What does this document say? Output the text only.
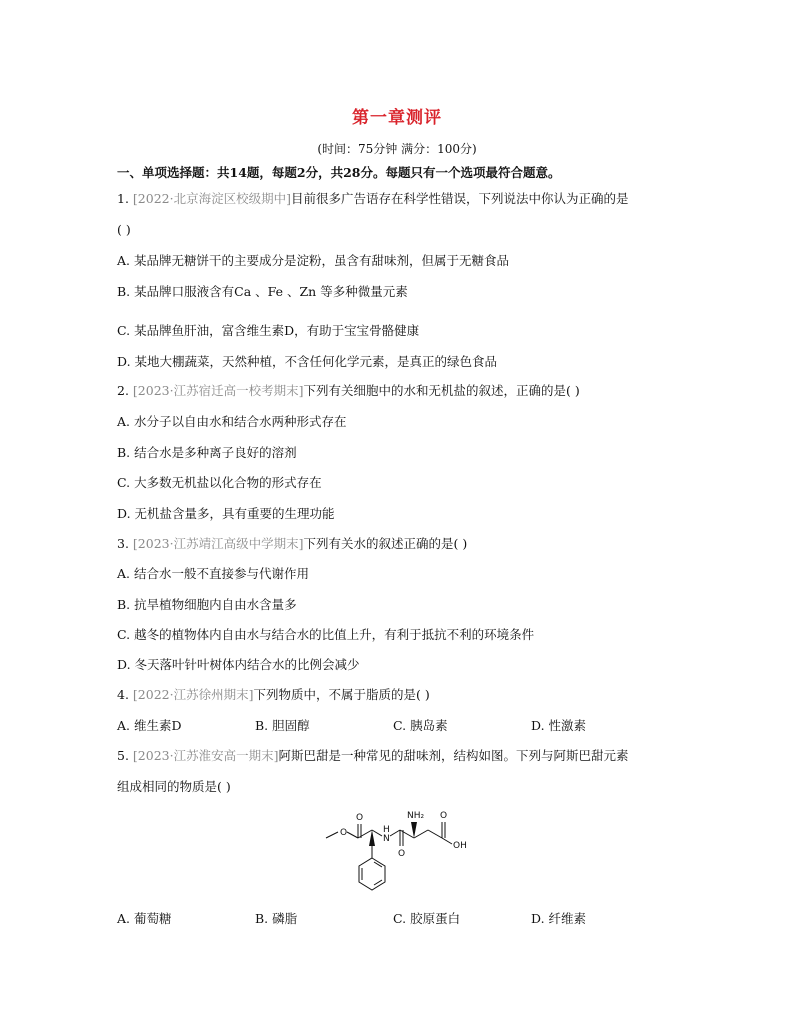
第一章测评
(时间：75分钟 满分：100分)
一、单项选择题：共14题，每题2分，共28分。每题只有一个选项最符合题意。
1. [2022·北京海淀区校级期中]目前很多广告语存在科学性错误，下列说法中你认为正确的是
( )
A. 某品牌无糖饼干的主要成分是淀粉，虽含有甜味剂，但属于无糖食品
B. 某品牌口服液含有Ca 、Fe 、Zn 等多种微量元素
C. 某品牌鱼肝油，富含维生素D，有助于宝宝骨骼健康
D. 某地大棚蔬菜，天然种植，不含任何化学元素，是真正的绿色食品
2. [2023·江苏宿迁高一校考期末]下列有关细胞中的水和无机盐的叙述，正确的是( )
A. 水分子以自由水和结合水两种形式存在
B. 结合水是多种离子良好的溶剂
C. 大多数无机盐以化合物的形式存在
D. 无机盐含量多，具有重要的生理功能
3. [2023·江苏靖江高级中学期末]下列有关水的叙述正确的是( )
A. 结合水一般不直接参与代谢作用
B. 抗旱植物细胞内自由水含量多
C. 越冬的植物体内自由水与结合水的比值上升，有利于抵抗不利的环境条件
D. 冬天落叶针叶树体内结合水的比例会减少
4. [2022·江苏徐州期末]下列物质中，不属于脂质的是( )
A. 维生素D	B. 胆固醇	C. 胰岛素	D. 性激素
5. [2023·江苏淮安高一期末]阿斯巴甜是一种常见的甜味剂，结构如图。下列与阿斯巴甜元素
组成相同的物质是( )
O
O
H
N
O
NH₂ O
OH
A. 葡萄糖	B. 磷脂	C. 胶原蛋白	D. 纤维素
